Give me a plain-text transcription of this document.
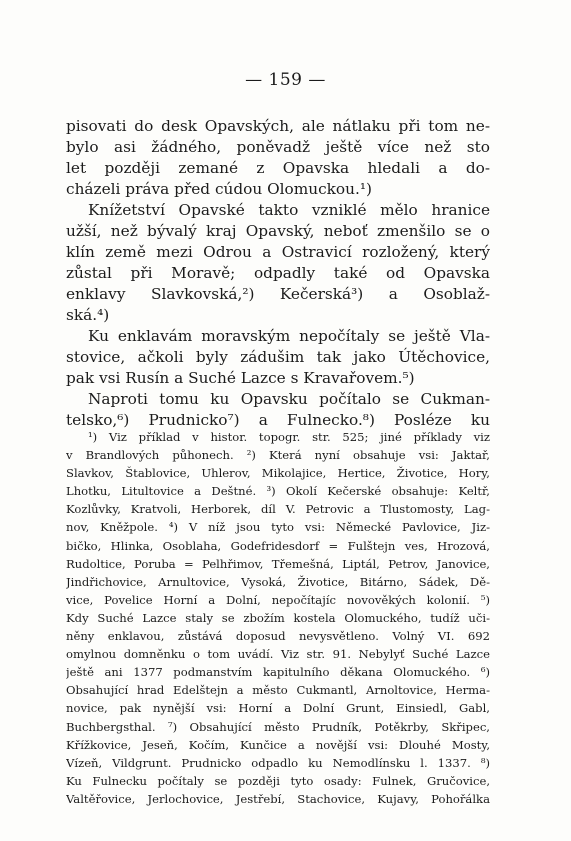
— 159 —
pisovati do desk Opavských, ale nátlaku při tom ne-
bylo asi žádného, poněvadž ještě více než sto
let později zemané z Opavska hledali a do-
cházeli práva před cúdou Olomuckou.¹)
Knížetství Opavské takto vzniklé mělo hranice
užší, než bývalý kraj Opavský, neboť zmenšilo se o
klín země mezi Odrou a Ostravicí rozložený, který
zůstal při Moravě; odpadly také od Opavska
enklavy Slavkovská,²) Kečerská³) a Osoblaž-
ská.⁴)
Ku enklavám moravským nepočítaly se ještě Vla-
stovice, ačkoli byly zádušim tak jako Útěchovice,
pak vsi Rusín a Suché Lazce s Kravařovem.⁵)
Naproti tomu ku Opavsku počítalo se Cukman-
telsko,⁶) Prudnicko⁷) a Fulnecko.⁸) Posléze ku
¹) Viz příklad v histor. topogr. str. 525; jiné příklady viz
v Brandlových půhonech. ²) Která nyní obsahuje vsi: Jaktař,
Slavkov, Štablovice, Uhlerov, Mikolajice, Hertice, Životice, Hory,
Lhotku, Litultovice a Deštné. ³) Okolí Kečerské obsahuje: Keltř,
Kozlůvky, Kratvoli, Herborek, díl V. Petrovic a Tlustomosty, Lag-
nov, Kněžpole. ⁴) V níž jsou tyto vsi: Německé Pavlovice, Jiz-
bičko, Hlinka, Osoblaha, Godefridesdorf = Fulštejn ves, Hrozová,
Rudoltice, Poruba = Pelhřimov, Třemešná, Liptál, Petrov, Janovice,
Jindřichovice, Arnultovice, Vysoká, Životice, Bitárno, Sádek, Dě-
vice, Povelice Horní a Dolní, nepočítajíc novověkých kolonií. ⁵)
Kdy Suché Lazce staly se zbožím kostela Olomuckého, tudíž uči-
něny enklavou, zůstává doposud nevysvětleno. Volný VI. 692
omylnou domněnku o tom uvádí. Viz str. 91. Nebylyť Suché Lazce
ještě ani 1377 podmanstvím kapitulního děkana Olomuckého. ⁶)
Obsahující hrad Edelštejn a město Cukmantl, Arnoltovice, Herma-
novice, pak nynější vsi: Horní a Dolní Grunt, Einsiedl, Gabl,
Buchbergsthal. ⁷) Obsahující město Prudník, Potěkrby, Skřipec,
Křížkovice, Jeseň, Kočím, Kunčice a novější vsi: Dlouhé Mosty,
Vízeň, Vildgrunt. Prudnicko odpadlo ku Nemodlínsku l. 1337. ⁸)
Ku Fulnecku počítaly se později tyto osady: Fulnek, Gručovice,
Valtěřovice, Jerlochovice, Jestřebí, Stachovice, Kujavy, Pohořálka
